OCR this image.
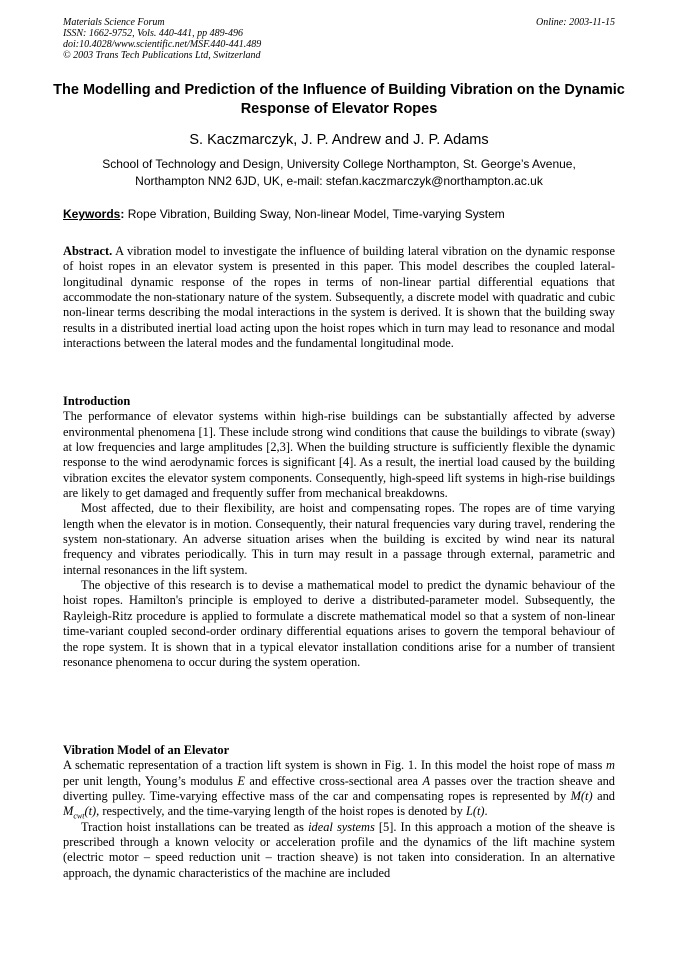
Materials Science Forum
ISSN: 1662-9752, Vols. 440-441, pp 489-496
doi:10.4028/www.scientific.net/MSF.440-441.489
© 2003 Trans Tech Publications Ltd, Switzerland
Online: 2003-11-15
The Modelling and Prediction of the Influence of Building Vibration on the Dynamic Response of Elevator Ropes
S. Kaczmarczyk, J. P. Andrew and J. P. Adams
School of Technology and Design, University College Northampton, St. George’s Avenue,
Northampton NN2 6JD, UK, e-mail: stefan.kaczmarczyk@northampton.ac.uk
Keywords: Rope Vibration, Building Sway, Non-linear Model, Time-varying System

Abstract. A vibration model to investigate the influence of building lateral vibration on the dynamic response of hoist ropes in an elevator system is presented in this paper. This model describes the coupled lateral-longitudinal dynamic response of the ropes in terms of non-linear partial differential equations that accommodate the non-stationary nature of the system. Subsequently, a discrete model with quadratic and cubic non-linear terms describing the modal interactions in the system is derived. It is shown that the building sway results in a distributed inertial load acting upon the hoist ropes which in turn may lead to resonance and modal interactions between the lateral modes and the fundamental longitudinal mode.

Introduction

The performance of elevator systems within high-rise buildings can be substantially affected by adverse environmental phenomena [1]. These include strong wind conditions that cause the buildings to vibrate (sway) at low frequencies and large amplitudes [2,3]. When the building structure is sufficiently flexible the dynamic response to the wind aerodynamic forces is significant [4]. As a result, the inertial load caused by the building vibration excites the elevator system components. Consequently, high-speed lift systems in high-rise buildings are likely to get damaged and frequently suffer from mechanical breakdowns.

Most affected, due to their flexibility, are hoist and compensating ropes. The ropes are of time varying length when the elevator is in motion. Consequently, their natural frequencies vary during travel, rendering the system non-stationary. An adverse situation arises when the building is excited by wind near its natural frequency and vibrates periodically. This in turn may result in a passage through external, parametric and internal resonances in the lift system.

The objective of this research is to devise a mathematical model to predict the dynamic behaviour of the hoist ropes. Hamilton's principle is employed to derive a distributed-parameter model. Subsequently, the Rayleigh-Ritz procedure is applied to formulate a discrete mathematical model so that a system of non-linear time-variant coupled second-order ordinary differential equations arises to govern the temporal behaviour of the rope system. It is shown that in a typical elevator installation conditions arise for a number of transient resonance phenomena to occur during the system operation.

Vibration Model of an Elevator

A schematic representation of a traction lift system is shown in Fig. 1. In this model the hoist rope of mass m per unit length, Young’s modulus E and effective cross-sectional area A passes over the traction sheave and diverting pulley. Time-varying effective mass of the car and compensating ropes is represented by M(t) and $M_{cwt}(t)$, respectively, and the time-varying length of the hoist ropes is denoted by L(t).

Traction hoist installations can be treated as ideal systems [5]. In this approach a motion of the sheave is prescribed through a known velocity or acceleration profile and the dynamics of the lift machine system (electric motor – speed reduction unit – traction sheave) is not taken into consideration. In an alternative approach, the dynamic characteristics of the machine are included
